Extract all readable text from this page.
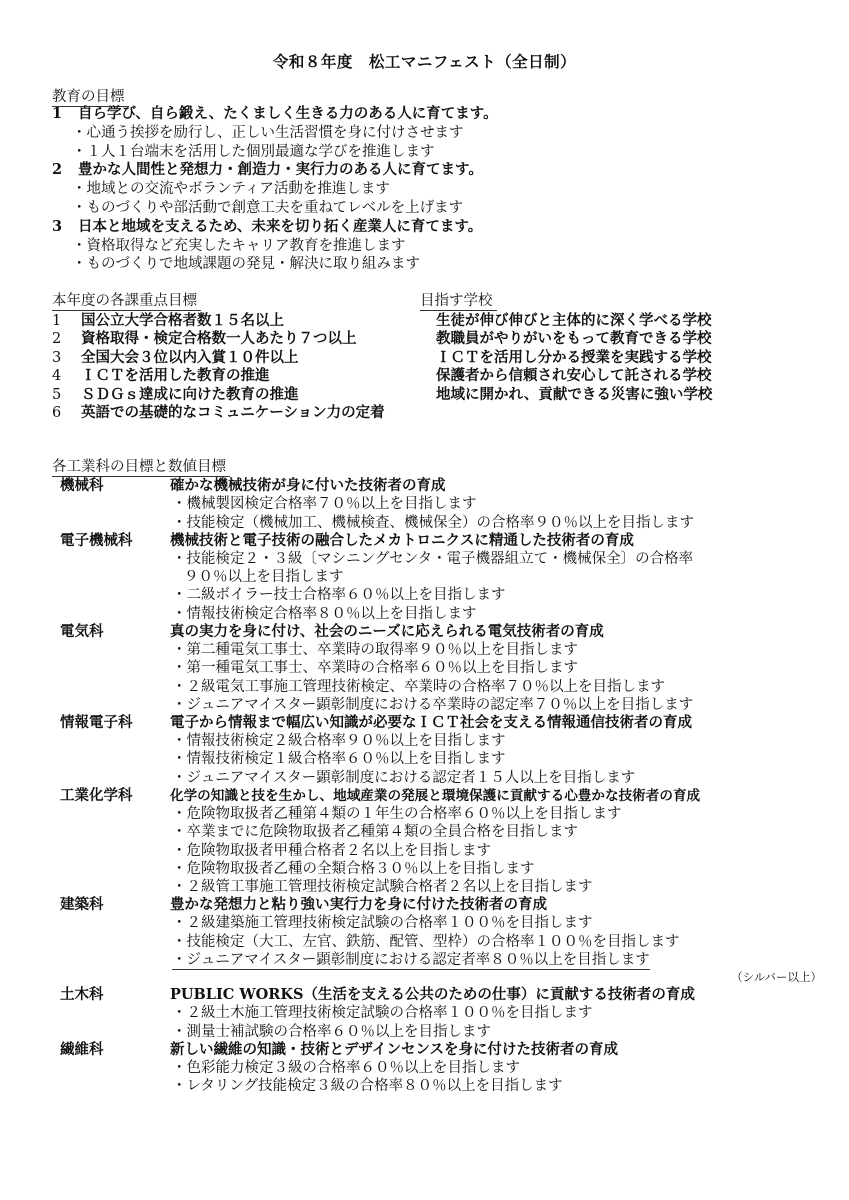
令和８年度　松工マニフェスト（全日制）
教育の目標
1 自ら学び、自ら鍛え、たくましく生きる力のある人に育てます。
・心通う挨拶を励行し、正しい生活習慣を身に付けさせます
・１人１台端末を活用した個別最適な学びを推進します
2 豊かな人間性と発想力・創造力・実行力のある人に育てます。
・地域との交流やボランティア活動を推進します
・ものづくりや部活動で創意工夫を重ねてレベルを上げます
3 日本と地域を支えるため、未来を切り拓く産業人に育てます。
・資格取得など充実したキャリア教育を推進します
・ものづくりで地域課題の発見・解決に取り組みます
本年度の各課重点目標
1	国公立大学合格者数１５名以上
2	資格取得・検定合格数一人あたり７つ以上
3	全国大会３位以内入賞１０件以上
4	ＩＣＴを活用した教育の推進
5	ＳＤＧｓ達成に向けた教育の推進
6	英語での基礎的なコミュニケーション力の定着
目指す学校
生徒が伸び伸びと主体的に深く学べる学校
教職員がやりがいをもって教育できる学校
ＩＣＴを活用し分かる授業を実践する学校
保護者から信頼され安心して託される学校
地域に開かれ、貢献できる災害に強い学校
各工業科の目標と数値目標
機械科	確かな機械技術が身に付いた技術者の育成
・機械製図検定合格率７０％以上を目指します
・技能検定（機械加工、機械検査、機械保全）の合格率９０％以上を目指します
電子機械科	機械技術と電子技術の融合したメカトロニクスに精通した技術者の育成
・技能検定２・３級〔マシニングセンタ・電子機器組立て・機械保全〕の合格率
９０％以上を目指します
・二級ボイラー技士合格率６０％以上を目指します
・情報技術検定合格率８０％以上を目指します
電気科	真の実力を身に付け、社会のニーズに応えられる電気技術者の育成
・第二種電気工事士、卒業時の取得率９０％以上を目指します
・第一種電気工事士、卒業時の合格率６０％以上を目指します
・２級電気工事施工管理技術検定、卒業時の合格率７０％以上を目指します
・ジュニアマイスター顕彰制度における卒業時の認定率７０％以上を目指します
情報電子科	電子から情報まで幅広い知識が必要なＩＣＴ社会を支える情報通信技術者の育成
・情報技術検定２級合格率９０％以上を目指します
・情報技術検定１級合格率６０％以上を目指します
・ジュニアマイスター顕彰制度における認定者１５人以上を目指します
工業化学科	化学の知識と技を生かし、地域産業の発展と環境保護に貢献する心豊かな技術者の育成
・危険物取扱者乙種第４類の１年生の合格率６０％以上を目指します
・卒業までに危険物取扱者乙種第４類の全員合格を目指します
・危険物取扱者甲種合格者２名以上を目指します
・危険物取扱者乙種の全類合格３０％以上を目指します
・２級管工事施工管理技術検定試験合格者２名以上を目指します
建築科	豊かな発想力と粘り強い実行力を身に付けた技術者の育成
・２級建築施工管理技術検定試験の合格率１００％を目指します
・技能検定（大工、左官、鉄筋、配管、型枠）の合格率１００％を目指します
・ジュニアマイスター顕彰制度における認定者率８０％以上を目指します
（シルバー以上）
土木科	PUBLIC WORKS（生活を支える公共のための仕事）に貢献する技術者の育成
・２級土木施工管理技術検定試験の合格率１００％を目指します
・測量士補試験の合格率６０％以上を目指します
繊維科	新しい繊維の知識・技術とデザインセンスを身に付けた技術者の育成
・色彩能力検定３級の合格率６０％以上を目指します
・レタリング技能検定３級の合格率８０％以上を目指します
